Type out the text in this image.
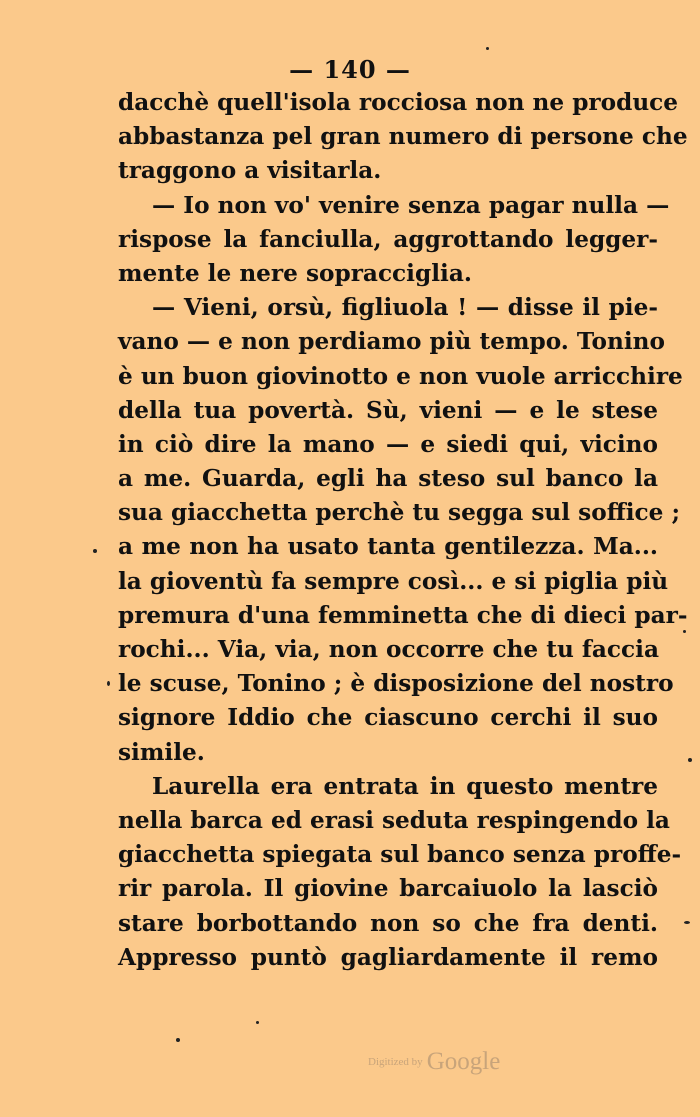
— 140 —
dacchè quell'isola rocciosa non ne produce
abbastanza pel gran numero di persone che
traggono a visitarla.
— Io non vo' venire senza pagar nulla —
rispose la fanciulla, aggrottando legger-
mente le nere sopracciglia.
— Vieni, orsù, figliuola ! — disse il pie-
vano — e non perdiamo più tempo. Tonino
è un buon giovinotto e non vuole arricchire
della tua povertà. Sù, vieni — e le stese
in ciò dire la mano — e siedi qui, vicino
a me. Guarda, egli ha steso sul banco la
sua giacchetta perchè tu segga sul soffice ;
a me non ha usato tanta gentilezza. Ma...
la gioventù fa sempre così... e si piglia più
premura d'una femminetta che di dieci par-
rochi... Via, via, non occorre che tu faccia
le scuse, Tonino ; è disposizione del nostro
signore Iddio che ciascuno cerchi il suo
simile.
Laurella era entrata in questo mentre
nella barca ed erasi seduta respingendo la
giacchetta spiegata sul banco senza proffe-
rir parola. Il giovine barcaiuolo la lasciò
stare borbottando non so che fra denti.
Appresso puntò gagliardamente il remo
Digitized by Google
